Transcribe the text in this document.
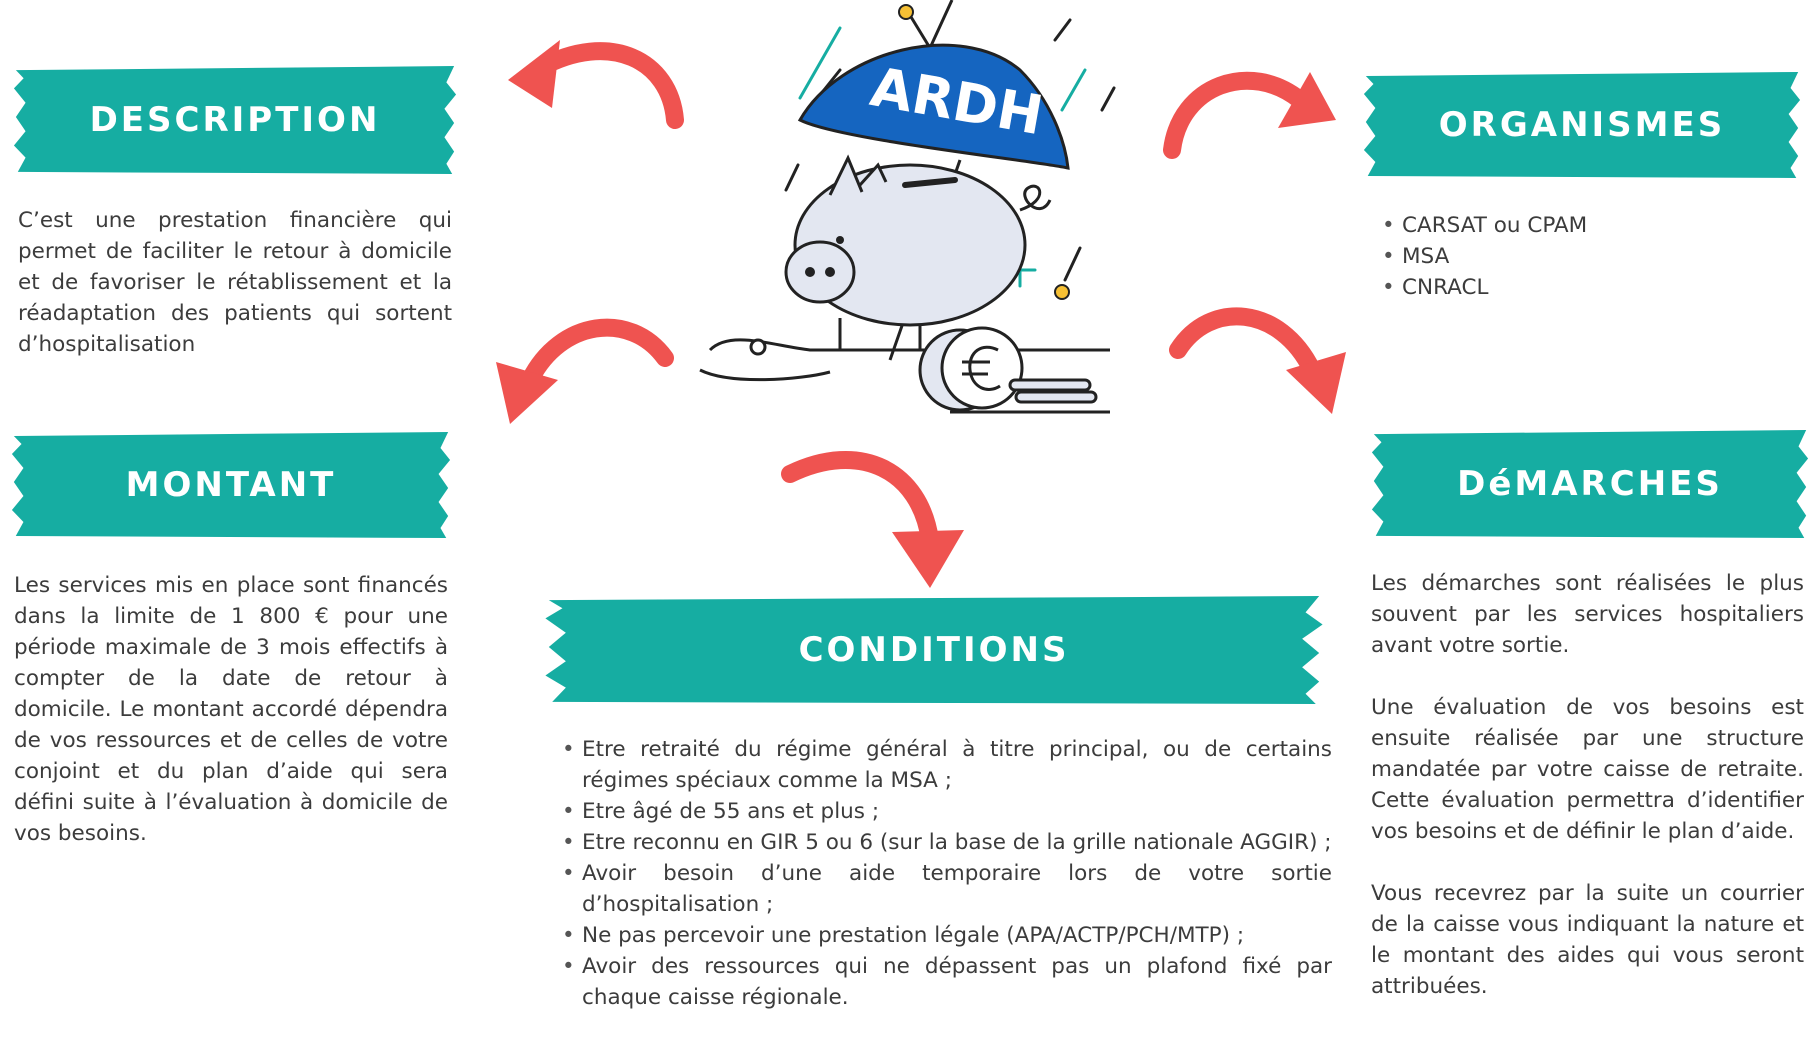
DESCRIPTION
C’est une prestation financière qui permet de faciliter le retour à domicile et de favoriser le rétablissement et la réadaptation des patients qui sortent d’hospitalisation
ORGANISMES
• CARSAT ou CPAM
• MSA
• CNRACL
MONTANT
Les services mis en place sont financés dans la limite de 1 800 € pour une période maximale de 3 mois effectifs à compter de la date de retour à domicile. Le montant accordé dépendra de vos ressources et de celles de votre conjoint et du plan d’aide qui sera défini suite à l’évaluation à domicile de vos besoins.
DéMARCHES

Les démarches sont réalisées le plus souvent par les services hospitaliers avant votre sortie.

Une évaluation de vos besoins est ensuite réalisée par une structure mandatée par votre caisse de retraite. Cette évaluation permettra d’identifier vos besoins et de définir le plan d’aide.

Vous recevrez par la suite un courrier de la caisse vous indiquant la nature et le montant des aides qui vous seront attribuées.

CONDITIONS
• Etre retraité du régime général à titre principal, ou de certains régimes spéciaux comme la MSA ;
• Etre âgé de 55 ans et plus ;
• Etre reconnu en GIR 5 ou 6 (sur la base de la grille nationale AGGIR) ;
• Avoir besoin d’une aide temporaire lors de votre sortie d’hospitalisation ;
• Ne pas percevoir une prestation légale (APA/ACTP/PCH/MTP) ;
• Avoir des ressources qui ne dépassent pas un plafond fixé par chaque caisse régionale.
ARDH
